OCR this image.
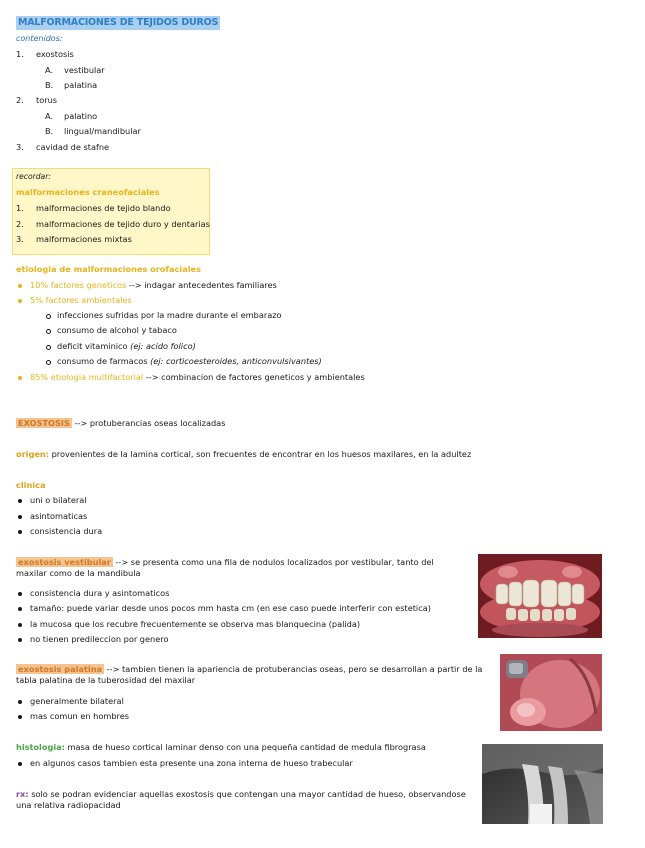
MALFORMACIONES DE TEJIDOS DUROS
contenidos:
1. exostosis
A. vestibular
B. palatina
2. torus
A. palatino
B. lingual/mandibular
3. cavidad de stafne
recordar:
malformaciones craneofaciales
1. malformaciones de tejido blando
2. malformaciones de tejido duro y dentarias
3. malformaciones mixtas
etiologia de malformaciones orofaciales
10% factores geneticos --> indagar antecedentes familiares
5% factores ambientales
infecciones sufridas por la madre durante el embarazo
consumo de alcohol y tabaco
deficit vitaminico (ej: acido folico)
consumo de farmacos (ej: corticoesteroides, anticonvulsivantes)
85% etiologia multifactorial --> combinacion de factores geneticos y ambientales
EXOSTOSIS --> protuberancias oseas localizadas
origen: provenientes de la lamina cortical, son frecuentes de encontrar en los huesos maxilares, en la adultez
clinica
uni o bilateral
asintomaticas
consistencia dura
exostosis vestibular --> se presenta como una fila de nodulos localizados por vestibular, tanto del maxilar como de la mandibula
consistencia dura y asintomaticos
tamaño: puede variar desde unos pocos mm hasta cm (en ese caso puede interferir con estetica)
la mucosa que los recubre frecuentemente se observa mas blanquecina (palida)
no tienen predileccion por genero
exostosis palatina --> tambien tienen la apariencia de protuberancias oseas, pero se desarrollan a partir de la tabla palatina de la tuberosidad del maxilar
generalmente bilateral
mas comun en hombres
histologia: masa de hueso cortical laminar denso con una pequeña cantidad de medula fibrograsa
en algunos casos tambien esta presente una zona interna de hueso trabecular
rx: solo se podran evidenciar aquellas exostosis que contengan una mayor cantidad de hueso, observandose una relativa radiopacidad
